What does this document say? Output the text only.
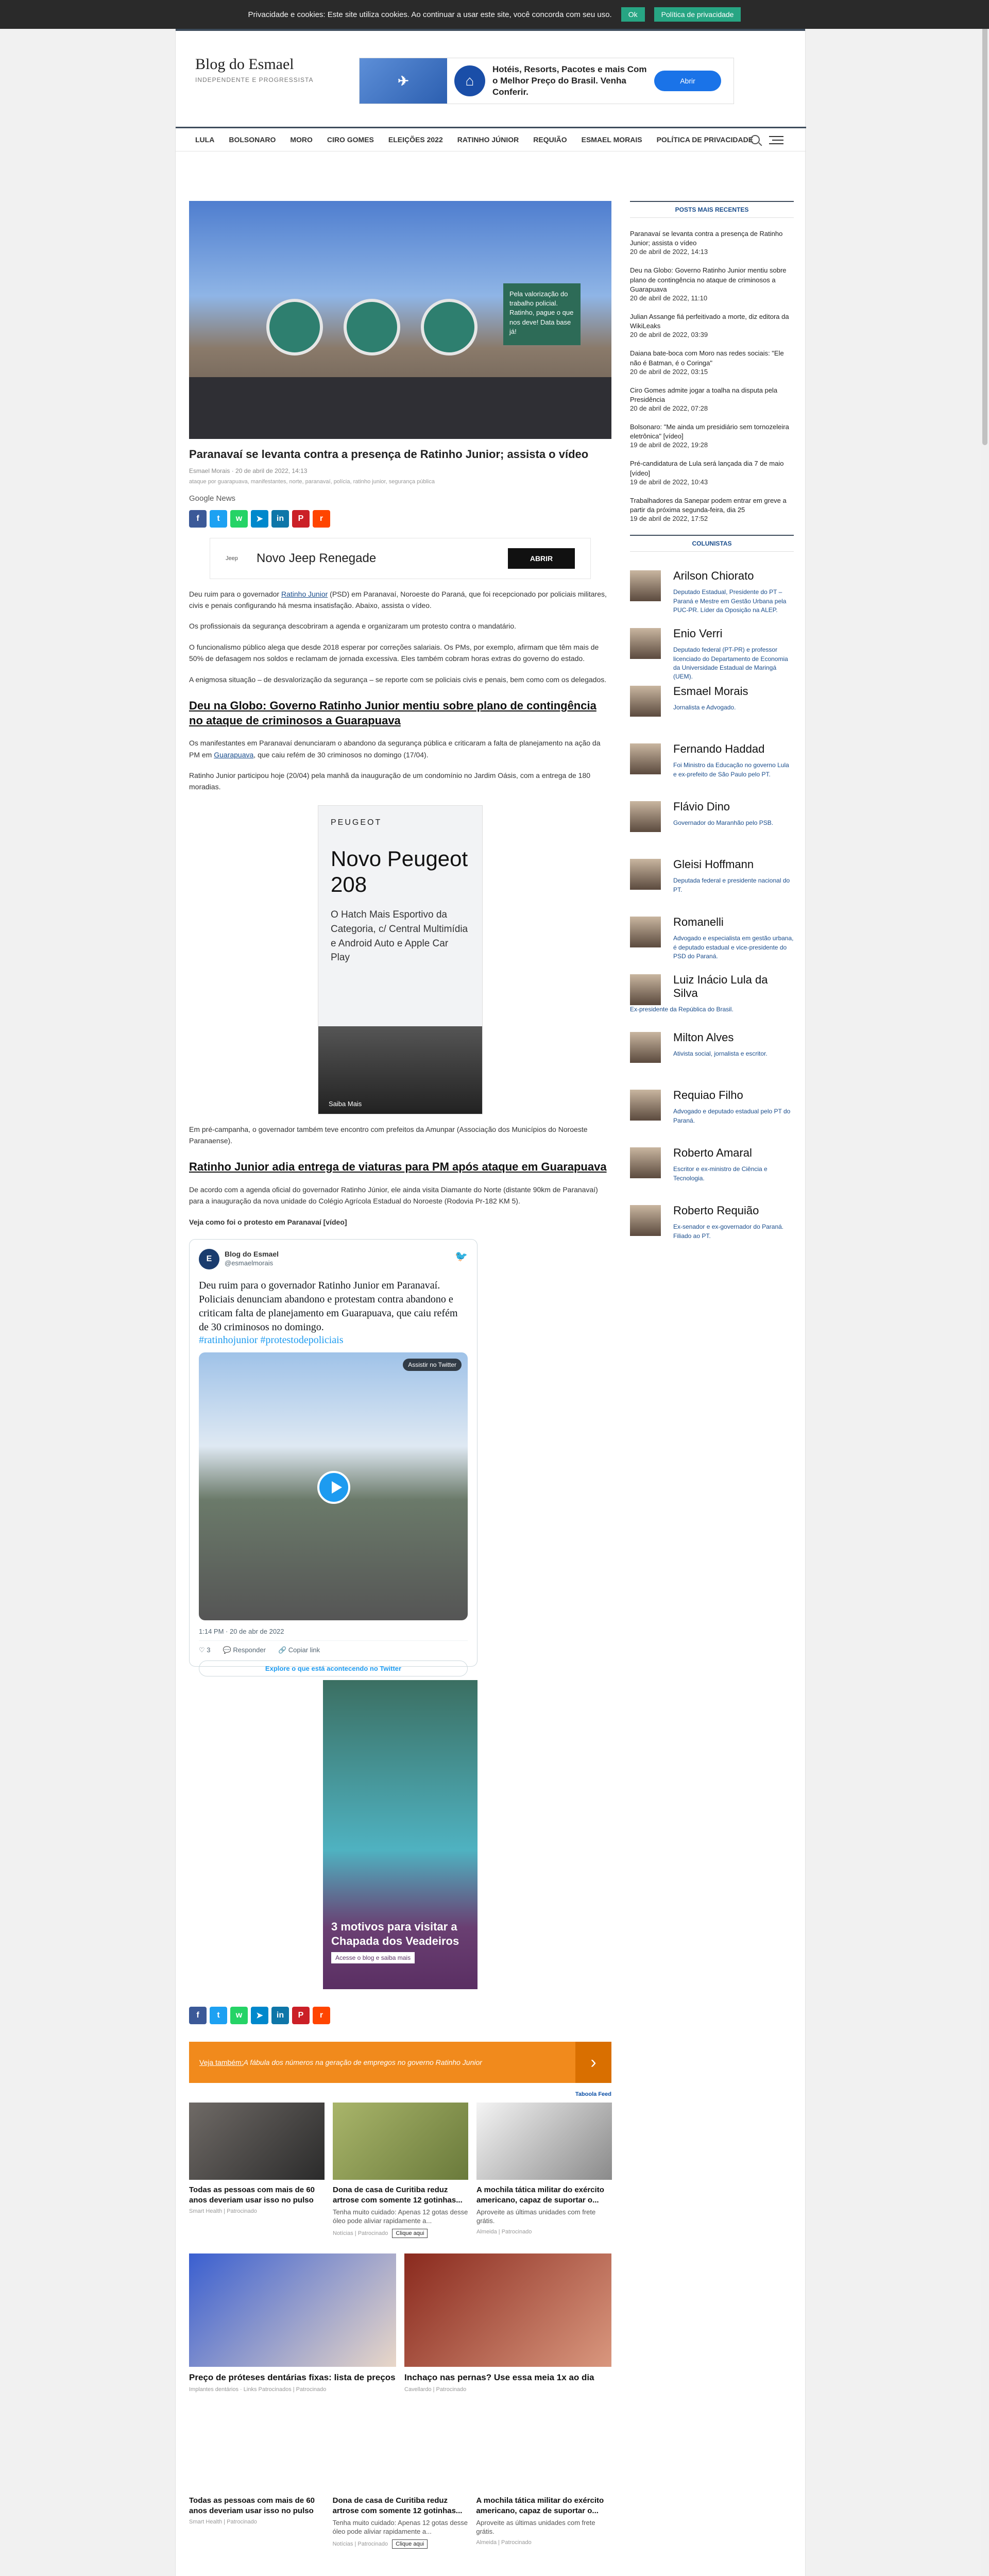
Privacidade e cookies: Este site utiliza cookies. Ao continuar a usar este site, você concorda com seu uso.	Ok	Política de privacidade
Blog do Esmael
INDEPENDENTE E PROGRESSISTA	✈	⌂
Hotéis, Resorts, Pacotes e mais Com o Melhor Preço do Brasil. Venha Conferir.
Abrir
LULA BOLSONARO MORO CIRO GOMES ELEIÇÕES 2022 RATINHO JÚNIOR REQUIÃO ESMAEL MORAIS POLÍTICA DE PRIVACIDADE
Pela valorização do trabalho policial. Ratinho, pague o que nos deve! Data base já!
Paranavaí se levanta contra a presença de Ratinho Junior; assista o vídeo
Esmael Morais · 20 de abril de 2022, 14:13
ataque por guarapuava, manifestantes, norte, paranavaí, polícia, ratinho junior, segurança pública
Google News
f	t	w	➤	in	P	r
Jeep	Novo Jeep Renegade	ABRIR

Deu ruim para o governador Ratinho Junior (PSD) em Paranavaí, Noroeste do Paraná, que foi recepcionado por policiais militares, civis e penais configurando há mesma insatisfação. Abaixo, assista o vídeo.

Os profissionais da segurança descobriram a agenda e organizaram um protesto contra o mandatário.

O funcionalismo público alega que desde 2018 esperar por correções salariais. Os PMs, por exemplo, afirmam que têm mais de 50% de defasagem nos soldos e reclamam de jornada excessiva. Eles também cobram horas extras do governo do estado.

A enigmosa situação – de desvalorização da segurança – se reporte com se policiais civis e penais, bem como com os delegados.

Deu na Globo: Governo Ratinho Junior mentiu sobre plano de contingência no ataque de criminosos a Guarapuava

Os manifestantes em Paranavaí denunciaram o abandono da segurança pública e criticaram a falta de planejamento na ação da PM em Guarapuava, que caiu refém de 30 criminosos no domingo (17/04).

Ratinho Junior participou hoje (20/04) pela manhã da inauguração de um condomínio no Jardim Oásis, com a entrega de 180 moradias.

PEUGEOT
Novo Peugeot 208
O Hatch Mais Esportivo da Categoria, c/ Central Multimídia e Android Auto e Apple Car Play
Saiba Mais

Em pré-campanha, o governador também teve encontro com prefeitos da Amunpar (Associação dos Municípios do Noroeste Paranaense).

Ratinho Junior adia entrega de viaturas para PM após ataque em Guarapuava

De acordo com a agenda oficial do governador Ratinho Júnior, ele ainda visita Diamante do Norte (distante 90km de Paranavaí) para a inauguração da nova unidade do Colégio Agrícola Estadual do Noroeste (Rodovia Pr-182 KM 5).

Veja como foi o protesto em Paranavaí [vídeo]

E
Blog do Esmael
@esmaelmorais
🐦
Deu ruim para o governador Ratinho Junior em Paranavaí. Policiais denunciam abandono e protestam contra abandono e criticam falta de planejamento em Guarapuava, que caiu refém de 30 criminosos no domingo.
#ratinhojunior #protestodepoliciais
Assistir no Twitter
1:14 PM · 20 de abr de 2022
♡ 3 💬 Responder 🔗 Copiar link
Explore o que está acontecendo no Twitter
3 motivos para visitar a Chapada dos Veadeiros
Acesse o blog e saiba mais
f	t	w	➤	in	P	r
Veja também: A fábula dos números na geração de empregos no governo Ratinho Junior	›
Taboola Feed
Todas as pessoas com mais de 60 anos deveriam usar isso no pulso
Smart Health | Patrocinado
Dona de casa de Curitiba reduz artrose com somente 12 gotinhas...
Tenha muito cuidado: Apenas 12 gotas desse óleo pode aliviar rapidamente a...
Notícias | Patrocinado Clique aqui
A mochila tática militar do exército americano, capaz de suportar o...
Aproveite as últimas unidades com frete grátis.
Almeida | Patrocinado
Preço de próteses dentárias fixas: lista de preços
Implantes dentários · Links Patrocinados | Patrocinado
Inchaço nas pernas? Use essa meia 1x ao dia
Cavellardo | Patrocinado
Todas as pessoas com mais de 60 anos deveriam usar isso no pulso
Smart Health | Patrocinado
Dona de casa de Curitiba reduz artrose com somente 12 gotinhas...
Tenha muito cuidado: Apenas 12 gotas desse óleo pode aliviar rapidamente a...
Notícias | Patrocinado Clique aqui
A mochila tática militar do exército americano, capaz de suportar o...
Aproveite as últimas unidades com frete grátis.
Almeida | Patrocinado
POSTS MAIS RECENTES
Paranavaí se levanta contra a presença de Ratinho Junior; assista o vídeo
20 de abril de 2022, 14:13
Deu na Globo: Governo Ratinho Junior mentiu sobre plano de contingência no ataque de criminosos a Guarapuava
20 de abril de 2022, 11:10
Julian Assange fiá perfeitivado a morte, diz editora da WikiLeaks
20 de abril de 2022, 03:39
Daiana bate-boca com Moro nas redes sociais: "Ele não é Batman, é o Coringa"
20 de abril de 2022, 03:15
Ciro Gomes admite jogar a toalha na disputa pela Presidência
20 de abril de 2022, 07:28
Bolsonaro: "Me ainda um presidiário sem tornozeleira eletrônica" [vídeo]
19 de abril de 2022, 19:28
Pré-candidatura de Lula será lançada dia 7 de maio [vídeo]
19 de abril de 2022, 10:43
Trabalhadores da Sanepar podem entrar em greve a partir da próxima segunda-feira, dia 25
19 de abril de 2022, 17:52
COLUNISTAS
Arilson Chiorato
Deputado Estadual, Presidente do PT – Paraná e Mestre em Gestão Urbana pela PUC-PR. Líder da Oposição na ALEP.
Enio Verri
Deputado federal (PT-PR) e professor licenciado do Departamento de Economia da Universidade Estadual de Maringá (UEM).
Esmael Morais
Jornalista e Advogado.
Fernando Haddad
Foi Ministro da Educação no governo Lula e ex-prefeito de São Paulo pelo PT.
Flávio Dino
Governador do Maranhão pelo PSB.
Gleisi Hoffmann
Deputada federal e presidente nacional do PT.
Romanelli
Advogado e especialista em gestão urbana, é deputado estadual e vice-presidente do PSD do Paraná.
Luiz Inácio Lula da Silva
Ex-presidente da República do Brasil.
Milton Alves
Ativista social, jornalista e escritor.
Requiao Filho
Advogado e deputado estadual pelo PT do Paraná.
Roberto Amaral
Escritor e ex-ministro de Ciência e Tecnologia.
Roberto Requião
Ex-senador e ex-governador do Paraná. Filiado ao PT.
